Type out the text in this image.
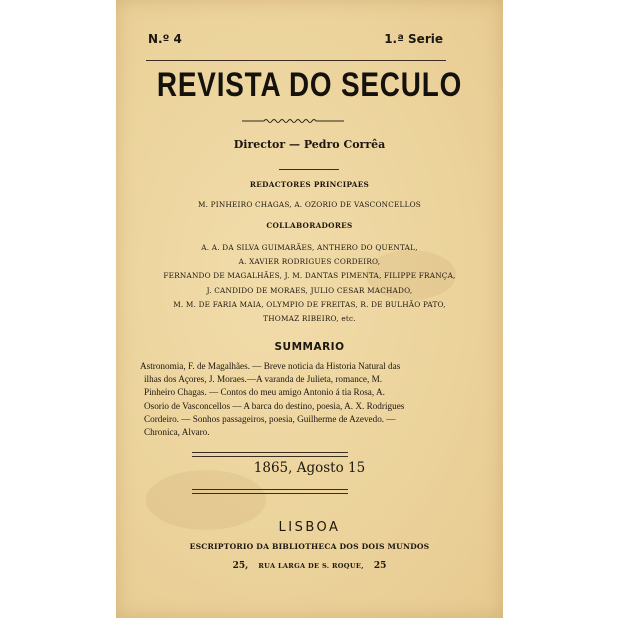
N.º 4	1.ª Serie
REVISTA DO SECULO
Director — Pedro Corrêa
REDACTORES PRINCIPAES
M. PINHEIRO CHAGAS, A. OZORIO DE VASCONCELLOS
COLLABORADORES
A. A. DA SILVA GUIMARÃES, ANTHERO DO QUENTAL,
A. XAVIER RODRIGUES CORDEIRO,
FERNANDO DE MAGALHÃES, J. M. DANTAS PIMENTA, FILIPPE FRANÇA,
J. CANDIDO DE MORAES, JULIO CESAR MACHADO,
M. M. DE FARIA MAIA, OLYMPIO DE FREITAS, R. DE BULHÃO PATO,
THOMAZ RIBEIRO, etc.
SUMMARIO
Astronomia, F. de Magalhães. — Breve noticia da Historia Natural das
ilhas dos Açores, J. Moraes.—A varanda de Julieta, romance, M.
Pinheiro Chagas. — Contos do meu amigo Antonio á tia Rosa, A.
Osorio de Vasconcellos — A barca do destino, poesia, A. X. Rodrigues
Cordeiro. — Sonhos passageiros, poesia, Guilherme de Azevedo. —
Chronica, Alvaro.
1865, Agosto 15
LISBOA
ESCRIPTORIO DA BIBLIOTHECA DOS DOIS MUNDOS
25, RUA LARGA DE S. ROQUE, 25
